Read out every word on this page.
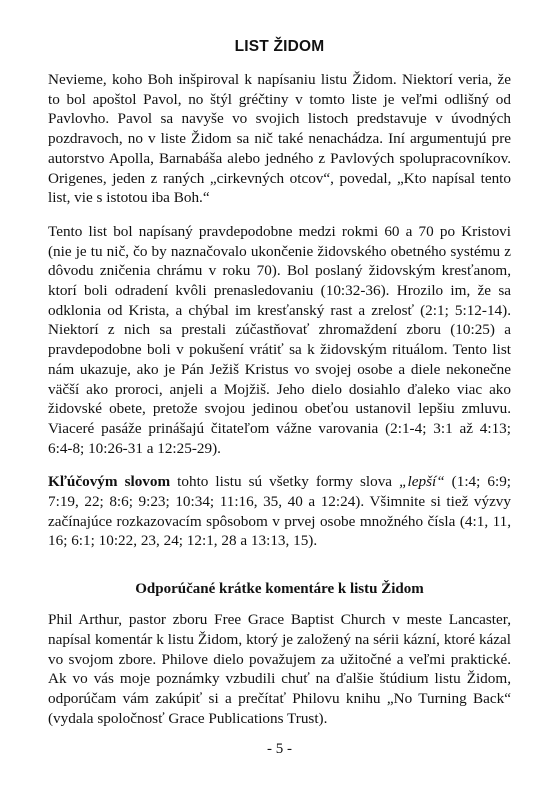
LIST ŽIDOM

Nevieme, koho Boh inšpiroval k napísaniu listu Židom. Niektorí veria, že to bol apoštol Pavol, no štýl gréčtiny v tomto liste je veľmi odlišný od Pavlovho. Pavol sa navyše vo svojich listoch predstavuje v úvodných pozdravoch, no v liste Židom sa nič také nenachádza. Iní argumentujú pre autorstvo Apolla, Barnabáša alebo jedného z Pavlových spolupracovníkov. Origenes, jeden z raných „cirkevných otcov“, povedal, „Kto napísal tento list, vie s istotou iba Boh.“

Tento list bol napísaný pravdepodobne medzi rokmi 60 a 70 po Kristovi (nie je tu nič, čo by naznačovalo ukončenie židovského obetného systému z dôvodu zničenia chrámu v roku 70). Bol poslaný židovským kresťanom, ktorí boli odradení kvôli prenasledovaniu (10:32-36). Hrozilo im, že sa odklonia od Krista, a chýbal im kresťanský rast a zrelosť (2:1; 5:12-14). Niektorí z nich sa prestali zúčastňovať zhromaždení zboru (10:25) a pravdepodobne boli v pokušení vrátiť sa k židovským rituálom. Tento list nám ukazuje, ako je Pán Ježiš Kristus vo svojej osobe a diele nekonečne väčší ako proroci, anjeli a Mojžiš. Jeho dielo dosiahlo ďaleko viac ako židovské obete, pretože svojou jedinou obeťou ustanovil lepšiu zmluvu. Viaceré pasáže prinášajú čitateľom vážne varovania (2:1-4; 3:1 až 4:13; 6:4-8; 10:26-31 a 12:25-29).

Kľúčovým slovom tohto listu sú všetky formy slova „lepší“ (1:4; 6:9; 7:19, 22; 8:6; 9:23; 10:34; 11:16, 35, 40 a 12:24). Všimnite si tiež výzvy začínajúce rozkazovacím spôsobom v prvej osobe množného čísla (4:1, 11, 16; 6:1; 10:22, 23, 24; 12:1, 28 a 13:13, 15).

Odporúčané krátke komentáre k listu Židom

Phil Arthur, pastor zboru Free Grace Baptist Church v meste Lancaster, napísal komentár k listu Židom, ktorý je založený na sérii kázní, ktoré kázal vo svojom zbore. Philove dielo považujem za užitočné a veľmi praktické. Ak vo vás moje poznámky vzbudili chuť na ďalšie štúdium listu Židom, odporúčam vám zakúpiť si a prečítať Philovu knihu „No Turning Back“ (vydala spoločnosť Grace Publications Trust).

- 5 -
